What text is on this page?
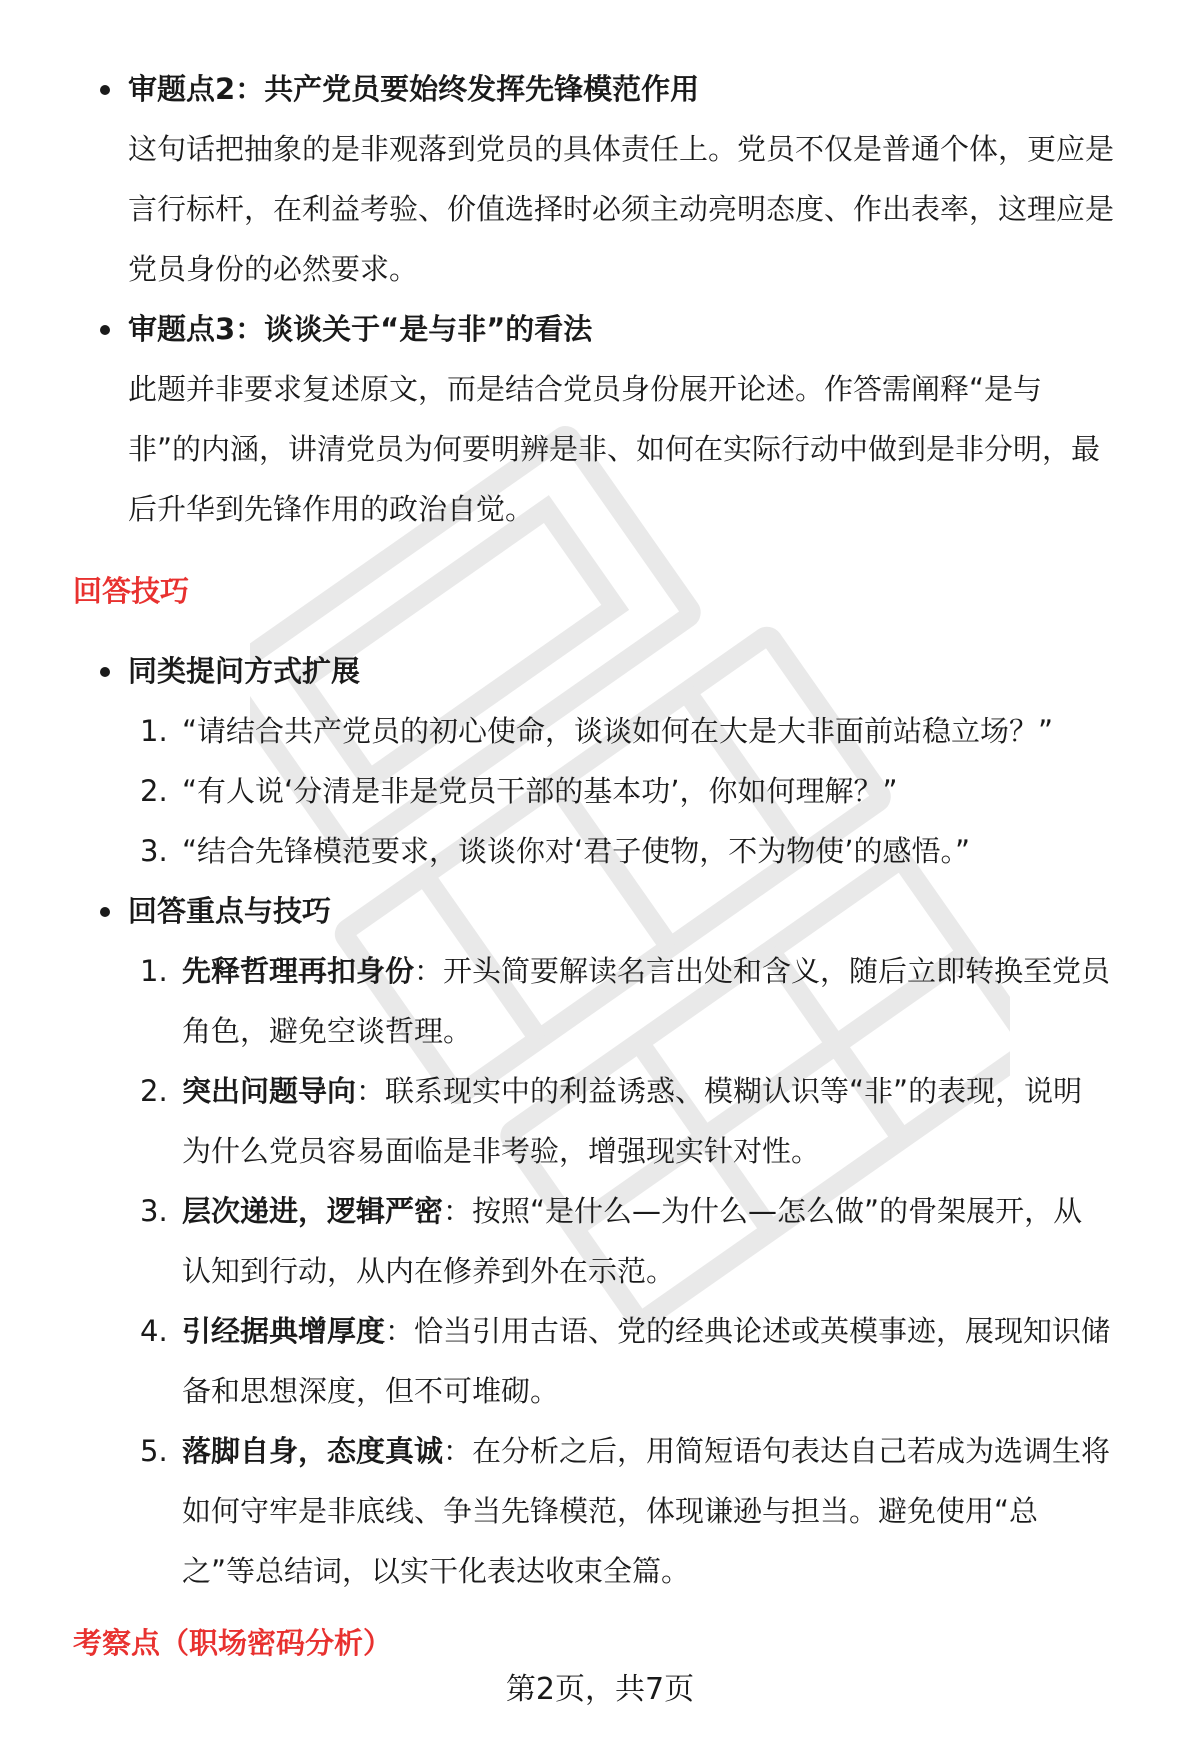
审题点2：共产党员要始终发挥先锋模范作用
这句话把抽象的是非观落到党员的具体责任上。党员不仅是普通个体，更应是
言行标杆，在利益考验、价值选择时必须主动亮明态度、作出表率，这理应是
党员身份的必然要求。
审题点3：谈谈关于“是与非”的看法
此题并非要求复述原文，而是结合党员身份展开论述。作答需阐释“是与
非”的内涵，讲清党员为何要明辨是非、如何在实际行动中做到是非分明，最
后升华到先锋作用的政治自觉。
回答技巧
同类提问方式扩展
1. “请结合共产党员的初心使命，谈谈如何在大是大非面前站稳立场？”
2. “有人说‘分清是非是党员干部的基本功’，你如何理解？”
3. “结合先锋模范要求，谈谈你对‘君子使物，不为物使’的感悟。”
回答重点与技巧
1. 先释哲理再扣身份：开头简要解读名言出处和含义，随后立即转换至党员
角色，避免空谈哲理。
2. 突出问题导向：联系现实中的利益诱惑、模糊认识等“非”的表现，说明
为什么党员容易面临是非考验，增强现实针对性。
3. 层次递进，逻辑严密：按照“是什么—为什么—怎么做”的骨架展开，从
认知到行动，从内在修养到外在示范。
4. 引经据典增厚度：恰当引用古语、党的经典论述或英模事迹，展现知识储
备和思想深度，但不可堆砌。
5. 落脚自身，态度真诚：在分析之后，用简短语句表达自己若成为选调生将
如何守牢是非底线、争当先锋模范，体现谦逊与担当。避免使用“总
之”等总结词，以实干化表达收束全篇。
考察点（职场密码分析）
第2页，共7页
